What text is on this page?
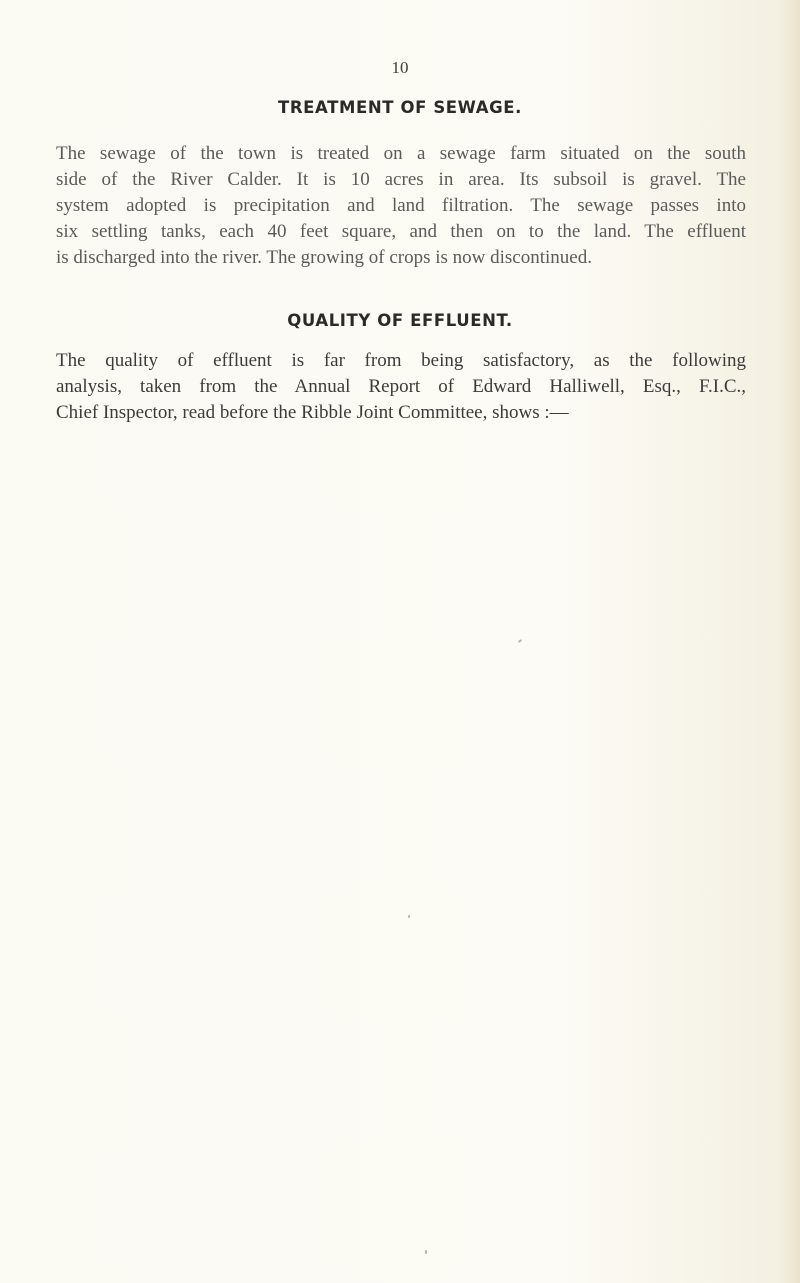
10
TREATMENT OF SEWAGE.
The sewage of the town is treated on a sewage farm situated on the south
side of the River Calder. It is 10 acres in area. Its subsoil is gravel. The
system adopted is precipitation and land filtration. The sewage passes into
six settling tanks, each 40 feet square, and then on to the land. The effluent
is discharged into the river. The growing of crops is now discontinued.
QUALITY OF EFFLUENT.
The quality of effluent is far from being satisfactory, as the following
analysis, taken from the Annual Report of Edward Halliwell, Esq., F.I.C.,
Chief Inspector, read before the Ribble Joint Committee, shows :—
